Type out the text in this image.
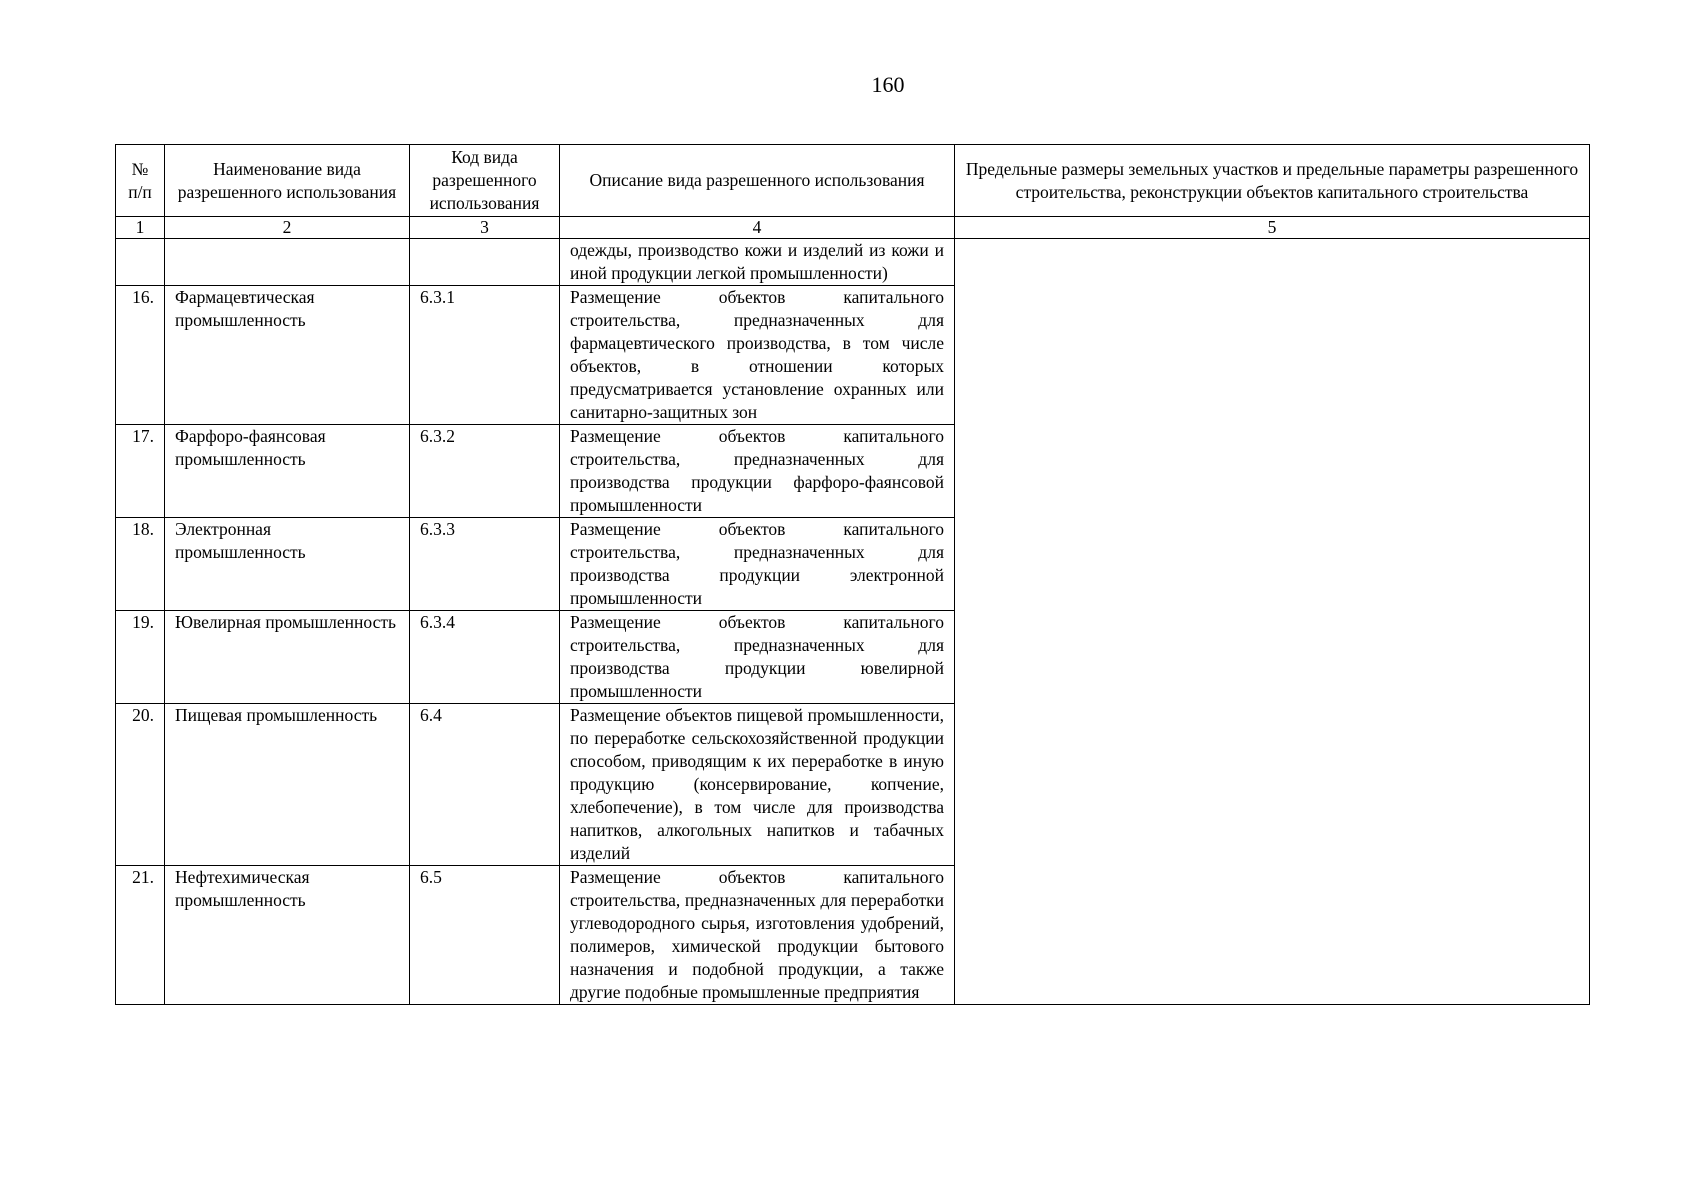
160
№ п/п	Наименование вида разрешенного использования	Код вида разрешенного использования	Описание вида разрешенного использования	Предельные размеры земельных участков и предельные параметры разрешенного строительства, реконструкции объектов капитального строительства
1	2	3	4	5
			одежды, производство кожи и изделий из кожи и иной продукции легкой промышленности)	
16.	Фармацевтическая промышленность	6.3.1	Размещение объектов капитального строительства, предназначенных для фармацевтического производства, в том числе объектов, в отношении которых предусматривается установление охранных или санитарно-защитных зон	
17.	Фарфоро-фаянсовая промышленность	6.3.2	Размещение объектов капитального строительства, предназначенных для производства продукции фарфоро-фаянсовой промышленности	
18.	Электронная промышленность	6.3.3	Размещение объектов капитального строительства, предназначенных для производства продукции электронной промышленности	
19.	Ювелирная промышленность	6.3.4	Размещение объектов капитального строительства, предназначенных для производства продукции ювелирной промышленности	
20.	Пищевая промышленность	6.4	Размещение объектов пищевой промышленности, по переработке сельскохозяйственной продукции способом, приводящим к их переработке в иную продукцию (консервирование, копчение, хлебопечение), в том числе для производства напитков, алкогольных напитков и табачных изделий	
21.	Нефтехимическая промышленность	6.5	Размещение объектов капитального строительства, предназначенных для переработки углеводородного сырья, изготовления удобрений, полимеров, химической продукции бытового назначения и подобной продукции, а также другие подобные промышленные предприятия	
